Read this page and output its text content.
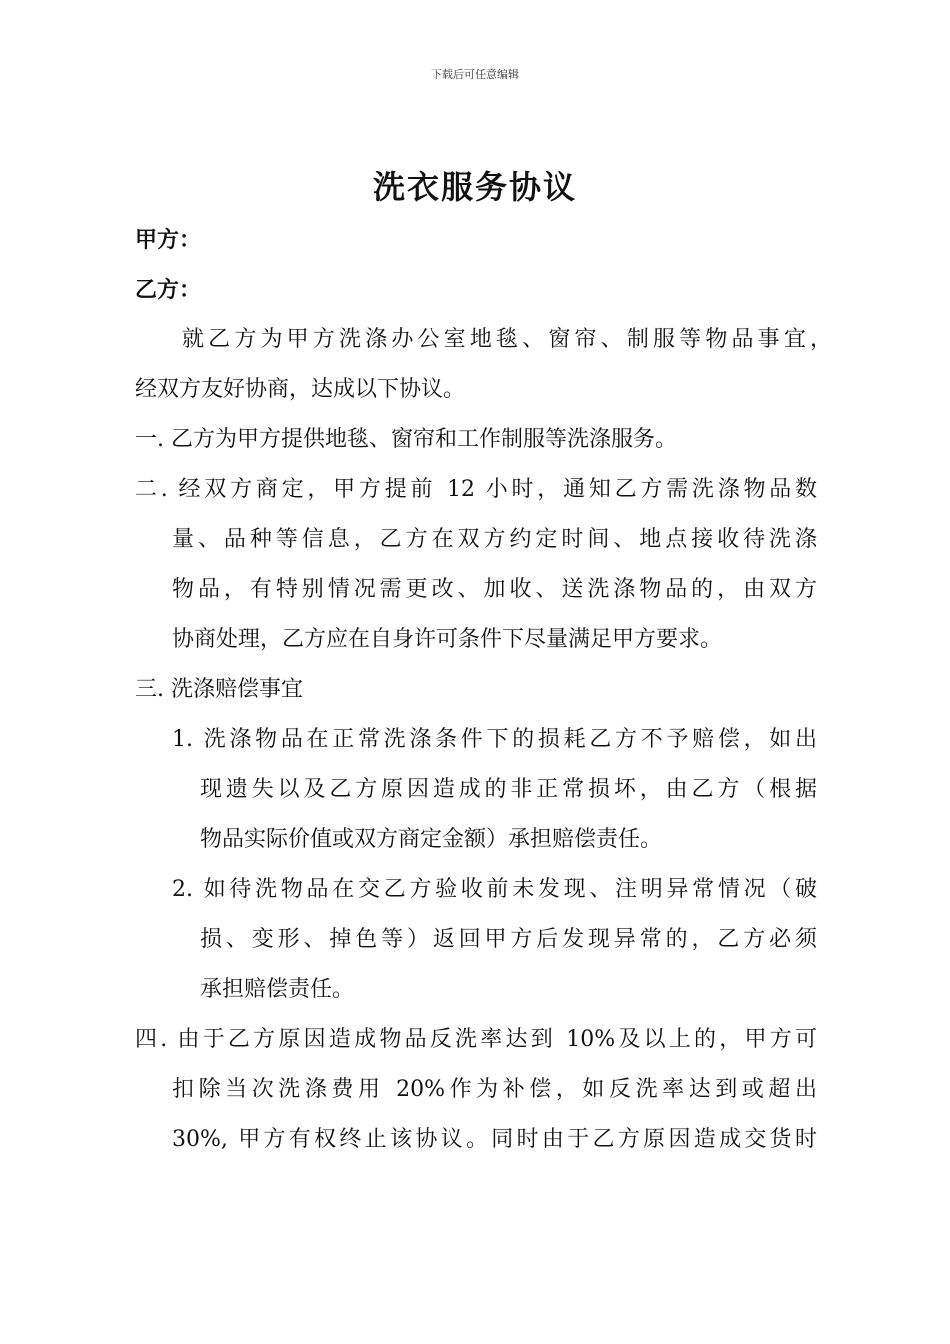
下载后可任意编辑
洗衣服务协议
甲方：
乙方：
就乙方为甲方洗涤办公室地毯、窗帘、制服等物品事宜，
经双方友好协商，达成以下协议。
一. 乙方为甲方提供地毯、窗帘和工作制服等洗涤服务。
二. 经双方商定，甲方提前 12 小时，通知乙方需洗涤物品数
量、品种等信息，乙方在双方约定时间、地点接收待洗涤
物品，有特别情况需更改、加收、送洗涤物品的，由双方
协商处理，乙方应在自身许可条件下尽量满足甲方要求。
三. 洗涤赔偿事宜
1. 洗涤物品在正常洗涤条件下的损耗乙方不予赔偿，如出
现遗失以及乙方原因造成的非正常损坏，由乙方（根据
物品实际价值或双方商定金额）承担赔偿责任。
2. 如待洗物品在交乙方验收前未发现、注明异常情况（破
损、变形、掉色等）返回甲方后发现异常的，乙方必须
承担赔偿责任。
四. 由于乙方原因造成物品反洗率达到 10%及以上的，甲方可
扣除当次洗涤费用 20%作为补偿，如反洗率达到或超出
30%, 甲方有权终止该协议。同时由于乙方原因造成交货时
